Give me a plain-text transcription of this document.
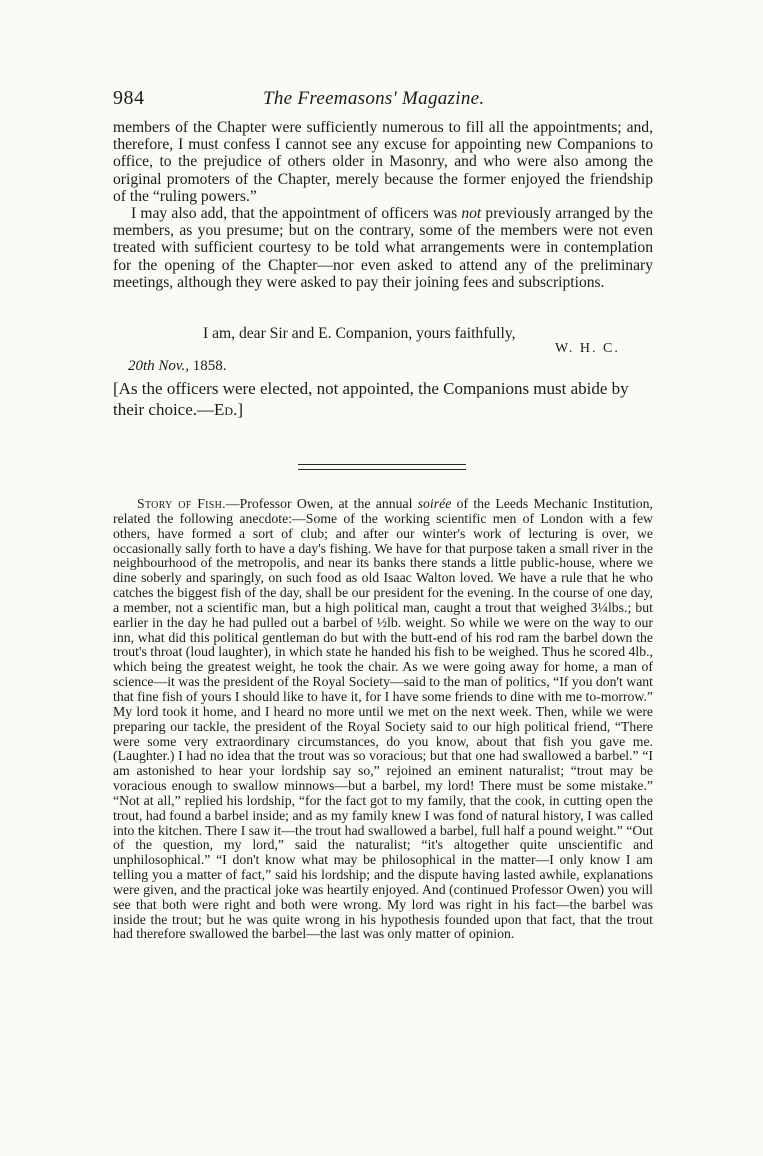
984	The Freemasons' Magazine.

members of the Chapter were sufficiently numerous to fill all the appointments; and, therefore, I must confess I cannot see any excuse for appointing new Companions to office, to the prejudice of others older in Masonry, and who were also among the original promoters of the Chapter, merely because the former enjoyed the friendship of the “ruling powers.”

I may also add, that the appointment of officers was not previously arranged by the members, as you presume; but on the contrary, some of the members were not even treated with sufficient courtesy to be told what arrangements were in contemplation for the opening of the Chapter—nor even asked to attend any of the preliminary meetings, although they were asked to pay their joining fees and subscriptions.

I am, dear Sir and E. Companion, yours faithfully,
W. H. C.
20th Nov., 1858.
[As the officers were elected, not appointed, the Companions must abide by their choice.—Ed.]

Story of Fish.—Professor Owen, at the annual soirée of the Leeds Mechanic Institution, related the following anecdote:—Some of the working scientific men of London with a few others, have formed a sort of club; and after our winter's work of lecturing is over, we occasionally sally forth to have a day's fishing. We have for that purpose taken a small river in the neighbourhood of the metropolis, and near its banks there stands a little public-house, where we dine soberly and sparingly, on such food as old Isaac Walton loved. We have a rule that he who catches the biggest fish of the day, shall be our president for the evening. In the course of one day, a member, not a scientific man, but a high political man, caught a trout that weighed 3¼lbs.; but earlier in the day he had pulled out a barbel of ½lb. weight. So while we were on the way to our inn, what did this political gentleman do but with the butt-end of his rod ram the barbel down the trout's throat (loud laughter), in which state he handed his fish to be weighed. Thus he scored 4lb., which being the greatest weight, he took the chair. As we were going away for home, a man of science—it was the president of the Royal Society—said to the man of politics, “If you don't want that fine fish of yours I should like to have it, for I have some friends to dine with me to-morrow.” My lord took it home, and I heard no more until we met on the next week. Then, while we were preparing our tackle, the president of the Royal Society said to our high political friend, “There were some very extraordinary circumstances, do you know, about that fish you gave me. (Laughter.) I had no idea that the trout was so voracious; but that one had swallowed a barbel.” “I am astonished to hear your lordship say so,” rejoined an eminent naturalist; “trout may be voracious enough to swallow minnows—but a barbel, my lord! There must be some mistake.” “Not at all,” replied his lordship, “for the fact got to my family, that the cook, in cutting open the trout, had found a barbel inside; and as my family knew I was fond of natural history, I was called into the kitchen. There I saw it—the trout had swallowed a barbel, full half a pound weight.” “Out of the question, my lord,” said the naturalist; “it's altogether quite unscientific and unphilosophical.” “I don't know what may be philosophical in the matter—I only know I am telling you a matter of fact,” said his lordship; and the dispute having lasted awhile, explanations were given, and the practical joke was heartily enjoyed. And (continued Professor Owen) you will see that both were right and both were wrong. My lord was right in his fact—the barbel was inside the trout; but he was quite wrong in his hypothesis founded upon that fact, that the trout had therefore swallowed the barbel—the last was only matter of opinion.
